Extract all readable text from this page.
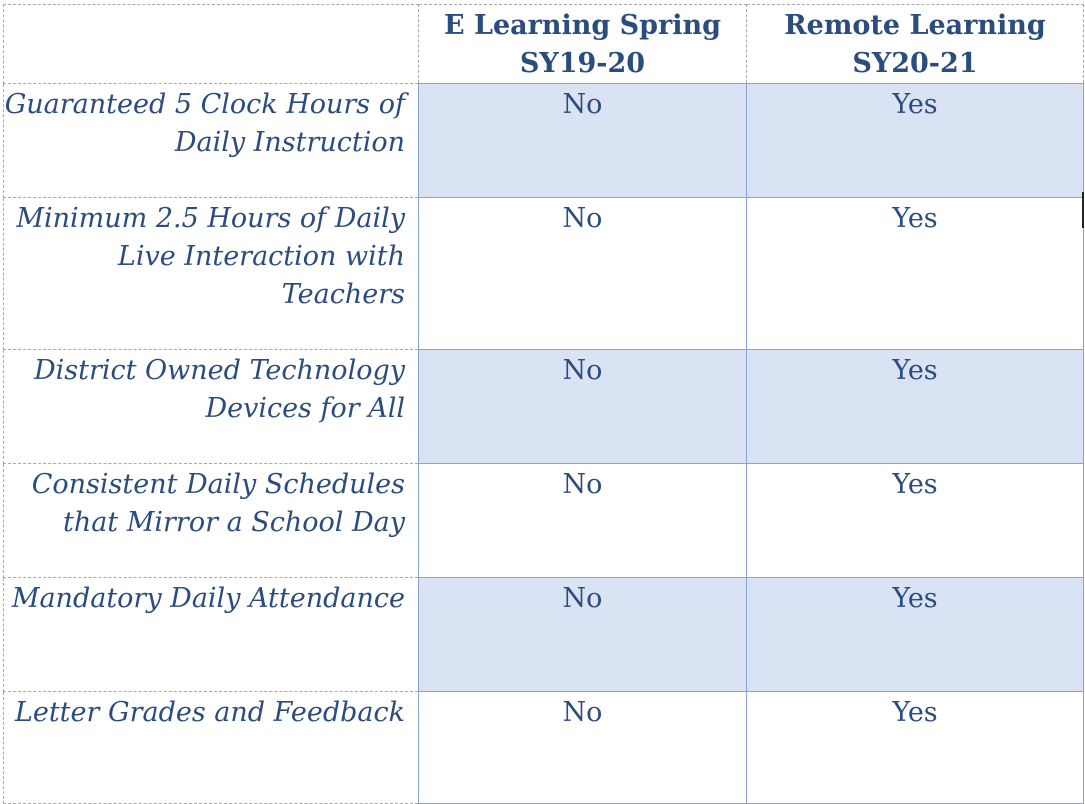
	E Learning Spring SY19-20	Remote Learning SY20-21
Guaranteed 5 Clock Hours of Daily Instruction	No	Yes
Minimum 2.5 Hours of Daily Live Interaction with Teachers	No	Yes
District Owned Technology Devices for All	No	Yes
Consistent Daily Schedules that Mirror a School Day	No	Yes
Mandatory Daily Attendance	No	Yes
Letter Grades and Feedback	No	Yes
